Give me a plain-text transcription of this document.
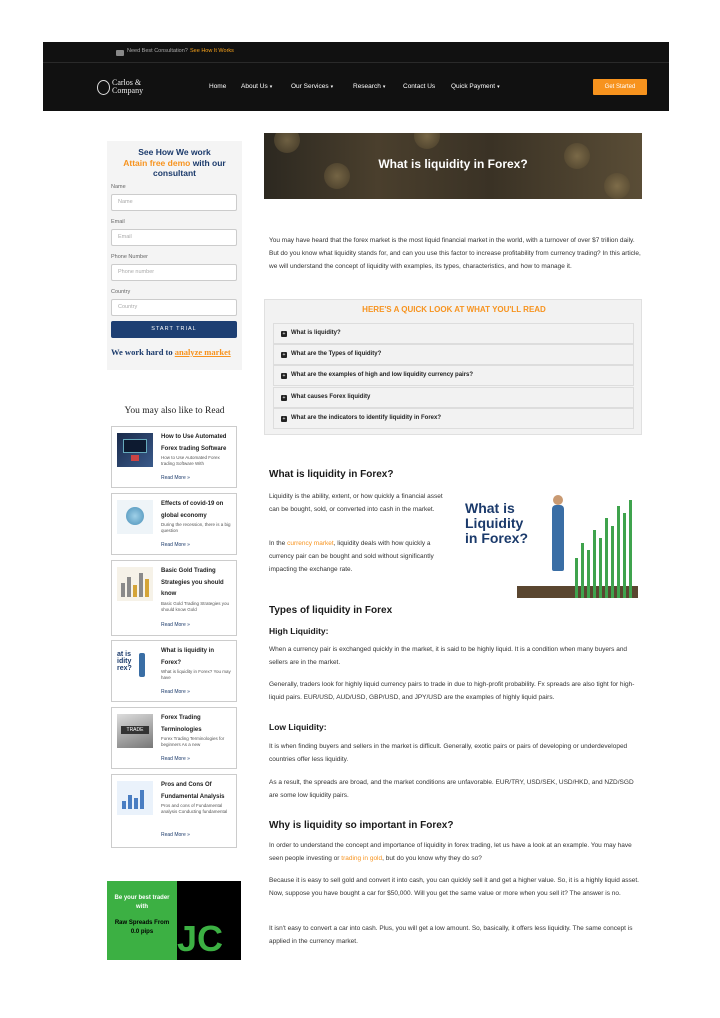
Need Best Consultation? See How It Works
Carlos &
Company	Home About Us ▾	Our Services ▾	Research ▾	Contact Us Quick Payment ▾	Get Started
See How We work
Attain free demo with our
consultant
Name
Name
Email
Email
Phone Number
Phone number
Country
Country
START TRIAL
We work hard to analyze market
You may also like to Read
How to Use Automated Forex trading Software
How to Use Automated Forex trading Software With
Read More »
Effects of covid-19 on global economy
During the recession, there is a big question
Read More »
Basic Gold Trading Strategies you should know
Basic Gold Trading Strategies you should know Gold
Read More »
at is
idity
rex?
What is liquidity in Forex?
What is liquidity in Forex? You may have
Read More »
TRADE
Forex Trading Terminologies
Forex Trading Terminologies for beginners As a new
Read More »
Pros and Cons Of Fundamental Analysis
Pros and cons of Fundamental analysis Conducting fundamental
Read More »
Be your best trader with
Raw Spreads From 0.0 pips JC
What is liquidity in Forex?
You may have heard that the forex market is the most liquid financial market in the world, with a turnover of over $7 trillion daily. But do you know what liquidity stands for, and can you use this factor to increase profitability from currency trading? In this article, we will understand the concept of liquidity with examples, its types, characteristics, and how to manage it.
HERE'S A QUICK LOOK AT WHAT YOU'LL READ
+ What is liquidity?
+ What are the Types of liquidity?
+ What are the examples of high and low liquidity currency pairs?
+ What causes Forex liquidity
+ What are the indicators to identify liquidity in Forex?
What is liquidity in Forex?
Liquidity is the ability, extent, or how quickly a financial asset can be bought, sold, or converted into cash in the market.
In the currency market, liquidity deals with how quickly a currency pair can be bought and sold without significantly impacting the exchange rate.
What is Liquidity in Forex?
Types of liquidity in Forex
High Liquidity:
When a currency pair is exchanged quickly in the market, it is said to be highly liquid. It is a condition when many buyers and sellers are in the market.
Generally, traders look for highly liquid currency pairs to trade in due to high-profit probability. Fx spreads are also tight for high-liquid pairs. EUR/USD, AUD/USD, GBP/USD, and JPY/USD are the examples of highly liquid pairs.
Low Liquidity:
It is when finding buyers and sellers in the market is difficult. Generally, exotic pairs or pairs of developing or underdeveloped countries offer less liquidity.
As a result, the spreads are broad, and the market conditions are unfavorable. EUR/TRY, USD/SEK, USD/HKD, and NZD/SGD are some low liquidity pairs.
Why is liquidity so important in Forex?
In order to understand the concept and importance of liquidity in forex trading, let us have a look at an example. You may have seen people investing or trading in gold, but do you know why they do so?
Because it is easy to sell gold and convert it into cash, you can quickly sell it and get a higher value. So, it is a highly liquid asset. Now, suppose you have bought a car for $50,000. Will you get the same value or more when you sell it? The answer is no.
It isn't easy to convert a car into cash. Plus, you will get a low amount. So, basically, it offers less liquidity. The same concept is applied in the currency market.
